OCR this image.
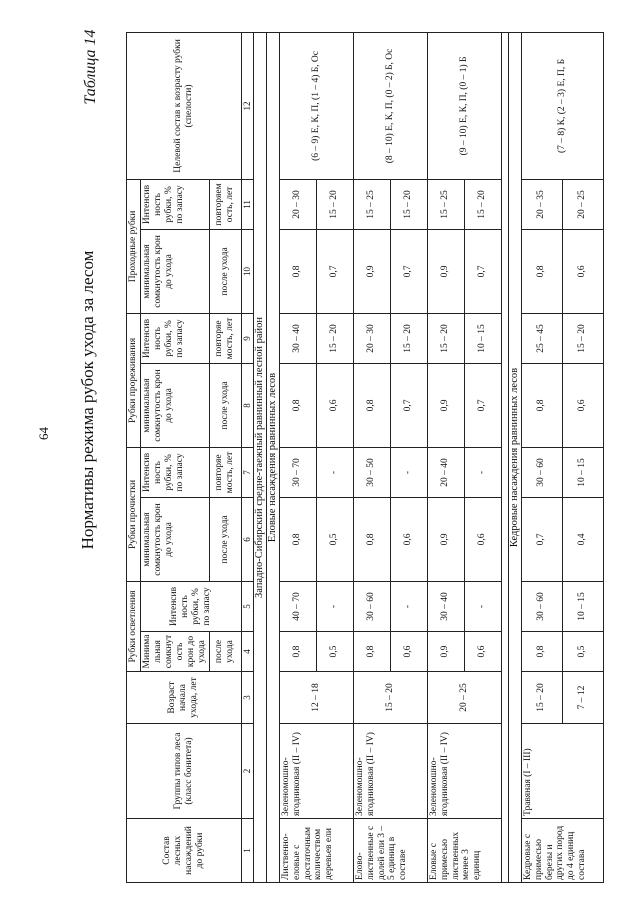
64 Нормативы режима рубок ухода за лесом
Таблица 14
Состав лесных насаждений до рубки	Группы типов леса (класс бонитета)	Возраст начала ухода, лет	Рубки осветления		Рубки прочистки		Рубки прореживания		Проходные рубки		Целевой состав к возрасту рубки (спелости)
			Минима льная сомкнут ость крон до ухода	Интенсив ность рубки, % по запасу	минимальная сомкнутость крон до ухода	Интенсив ность рубки, % по запасу	минимальная сомкнутость крон до ухода	Интенсив ность рубки, % по запасу	минимальная сомкнутость крон до ухода	Интенсив ность рубки, % по запасу	
			после ухода		после ухода	повторяе мость, лет	после ухода	повторяе мость, лет	после ухода	повторяем ость, лет	
1	2	3	4	5	6	7	8	9	10	11	12
Западно-Сибирский средне-таежный равнинный лесной район											
Еловые насаждения равнинных лесов											
Лиственно-еловые с достаточным количеством деревьев ели	Зеленомошно-ягодниковая (II – IV)	12 – 18	0,8	40 – 70	0,8	30 – 70	0,8	30 – 40	0,8	20 – 30	(6 – 9) Е, К, П, (1 – 4) Б, Ос
			0,5	-	0,5	-	0,6	15 – 20	0,7	15 – 20	
Елово-лиственные с долей ели 3 – 5 единиц в составе	Зеленомошно-ягодниковая (II – IV)	15 – 20	0,8	30 – 60	0,8	30 – 50	0,8	20 – 30	0,9	15 – 25	(8 – 10) Е, К, П, (0 – 2) Б, Ос
			0,6	-	0,6	-	0,7	15 – 20	0,7	15 – 20	
Еловые с примесью лиственных менее 3 единиц	Зеленомошно-ягодниковая (II – IV)	20 – 25	0,9	30 – 40	0,9	20 – 40	0,9	15 – 20	0,9	15 – 25	(9 – 10) Е, К, П, (0 – 1) Б
			0,6	-	0,6	-	0,7	10 – 15	0,7	15 – 20	

Кедровые насаждения равнинных лесов											
Кедровые с примесью березы и других пород до 4 единиц состава	Травяная (I – III)	15 – 20	0,8	30 – 60	0,7	30 – 60	0,8	25 – 45	0,8	20 – 35	(7 – 8) К, (2 – 3) Е, П, Б
		7 – 12	0,5	10 – 15	0,4	10 – 15	0,6	15 – 20	0,6	20 – 25	
